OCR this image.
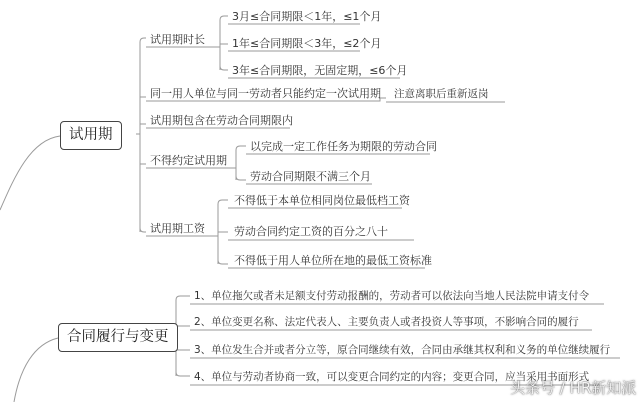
试用期
试用期时长
同一用人单位与同一劳动者只能约定一次试用期
试用期包含在劳动合同期限内
不得约定试用期
试用期工资
3月≤合同期限＜1年，≤1个月
1年≤合同期限＜3年，≤2个月
3年≤合同期限，无固定期，≤6个月
注意离职后重新返岗
以完成一定工作任务为期限的劳动合同
劳动合同期限不满三个月
不得低于本单位相同岗位最低档工资
劳动合同约定工资的百分之八十
不得低于用人单位所在地的最低工资标准
合同履行与变更
1、单位拖欠或者未足额支付劳动报酬的，劳动者可以依法向当地人民法院申请支付令
2、单位变更名称、法定代表人、主要负责人或者投资人等事项，不影响合同的履行
3、单位发生合并或者分立等，原合同继续有效，合同由承继其权利和义务的单位继续履行
4、单位与劳动者协商一致，可以变更合同约定的内容；变更合同，应当采用书面形式
头条号 / HR新知派
